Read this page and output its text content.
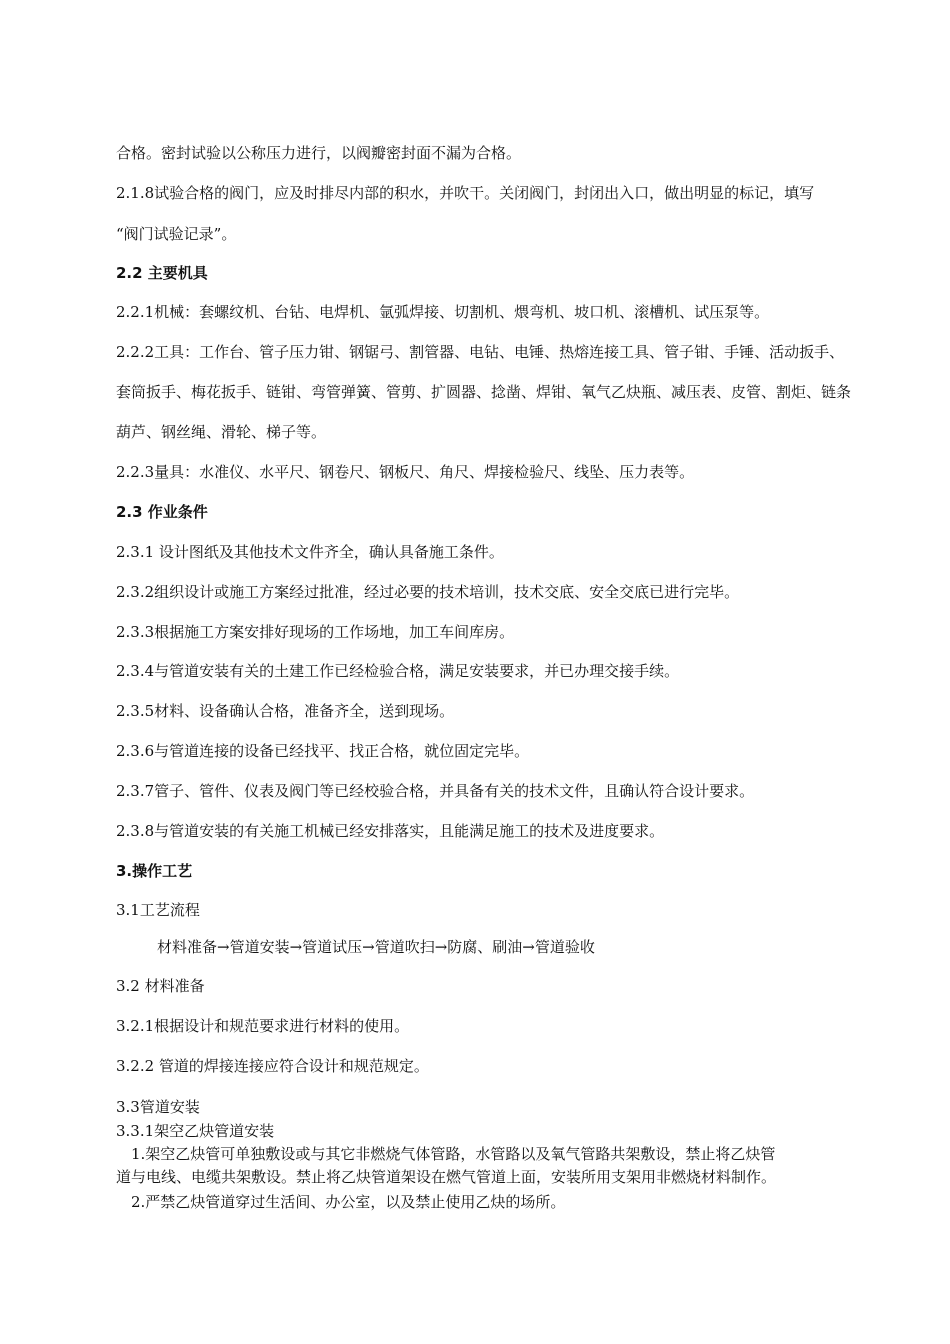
合格。密封试验以公称压力进行，以阀瓣密封面不漏为合格。
2.1.8试验合格的阀门，应及时排尽内部的积水，并吹干。关闭阀门，封闭出入口，做出明显的标记，填写
“阀门试验记录”。
2.2 主要机具
2.2.1机械：套螺纹机、台钻、电焊机、氩弧焊接、切割机、煨弯机、坡口机、滚槽机、试压泵等。
2.2.2工具：工作台、管子压力钳、钢锯弓、割管器、电钻、电锤、热熔连接工具、管子钳、手锤、活动扳手、
套筒扳手、梅花扳手、链钳、弯管弹簧、管剪、扩圆器、捻凿、焊钳、氧气乙炔瓶、减压表、皮管、割炬、链条
葫芦、钢丝绳、滑轮、梯子等。
2.2.3量具：水准仪、水平尺、钢卷尺、钢板尺、角尺、焊接检验尺、线坠、压力表等。
2.3 作业条件
2.3.1 设计图纸及其他技术文件齐全，确认具备施工条件。
2.3.2组织设计或施工方案经过批准，经过必要的技术培训，技术交底、安全交底已进行完毕。
2.3.3根据施工方案安排好现场的工作场地，加工车间库房。
2.3.4与管道安装有关的土建工作已经检验合格，满足安装要求，并已办理交接手续。
2.3.5材料、设备确认合格，准备齐全，送到现场。
2.3.6与管道连接的设备已经找平、找正合格，就位固定完毕。
2.3.7管子、管件、仪表及阀门等已经校验合格，并具备有关的技术文件，且确认符合设计要求。
2.3.8与管道安装的有关施工机械已经安排落实，且能满足施工的技术及进度要求。
3.操作工艺
3.1工艺流程
材料准备→管道安装→管道试压→管道吹扫→防腐、刷油→管道验收
3.2 材料准备
3.2.1根据设计和规范要求进行材料的使用。
3.2.2 管道的焊接连接应符合设计和规范规定。
3.3管道安装
3.3.1架空乙炔管道安装
1.架空乙炔管可单独敷设或与其它非燃烧气体管路，水管路以及氧气管路共架敷设，禁止将乙炔管
道与电线、电缆共架敷设。禁止将乙炔管道架设在燃气管道上面，安装所用支架用非燃烧材料制作。
2.严禁乙炔管道穿过生活间、办公室，以及禁止使用乙炔的场所。
